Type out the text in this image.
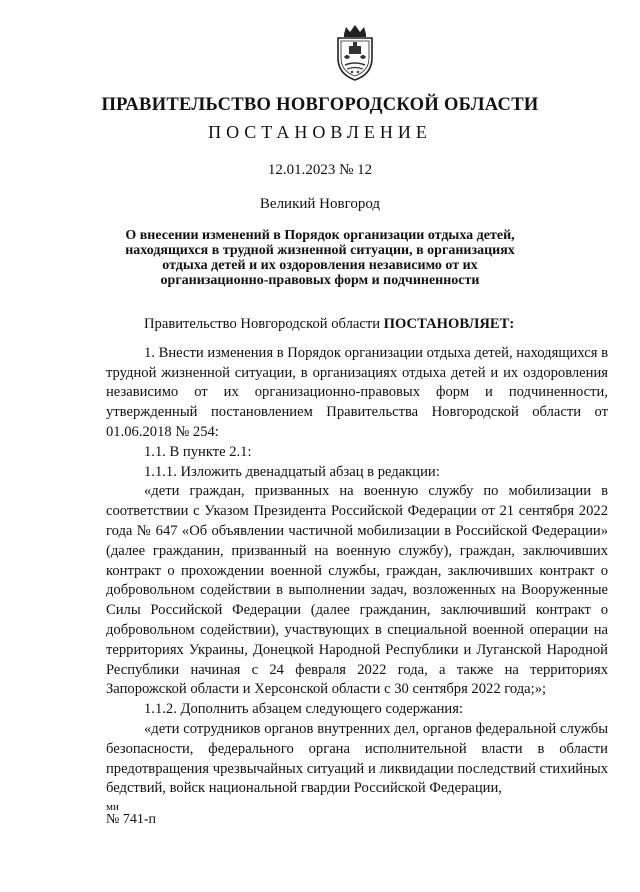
ПРАВИТЕЛЬСТВО НОВГОРОДСКОЙ ОБЛАСТИ
ПОСТАНОВЛЕНИЕ
12.01.2023 № 12
Великий Новгород
О внесении изменений в Порядок организации отдыха детей, находящихся в трудной жизненной ситуации, в организациях отдыха детей и их оздоровления независимо от их организационно-правовых форм и подчиненности

Правительство Новгородской области ПОСТАНОВЛЯЕТ:

1. Внести изменения в Порядок организации отдыха детей, находящихся в трудной жизненной ситуации, в организациях отдыха детей и их оздоровления независимо от их организационно-правовых форм и подчиненности, утвержденный постановлением Правительства Новгородской области от 01.06.2018 № 254:

1.1. В пункте 2.1:

1.1.1. Изложить двенадцатый абзац в редакции:

«дети граждан, призванных на военную службу по мобилизации в соответствии с Указом Президента Российской Федерации от 21 сентября 2022 года № 647 «Об объявлении частичной мобилизации в Российской Федерации» (далее гражданин, призванный на военную службу), граждан, заключивших контракт о прохождении военной службы, граждан, заключивших контракт о добровольном содействии в выполнении задач, возложенных на Вооруженные Силы Российской Федерации (далее гражданин, заключивший контракт о добровольном содействии), участвующих в специальной военной операции на территориях Украины, Донецкой Народной Республики и Луганской Народной Республики начиная с 24 февраля 2022 года, а также на территориях Запорожской области и Херсонской области с 30 сентября 2022 года;»;

1.1.2. Дополнить абзацем следующего содержания:

«дети сотрудников органов внутренних дел, органов федеральной службы безопасности, федерального органа исполнительной власти в области предотвращения чрезвычайных ситуаций и ликвидации последствий стихийных бедствий, войск национальной гвардии Российской Федерации,

ми
№ 741-п
